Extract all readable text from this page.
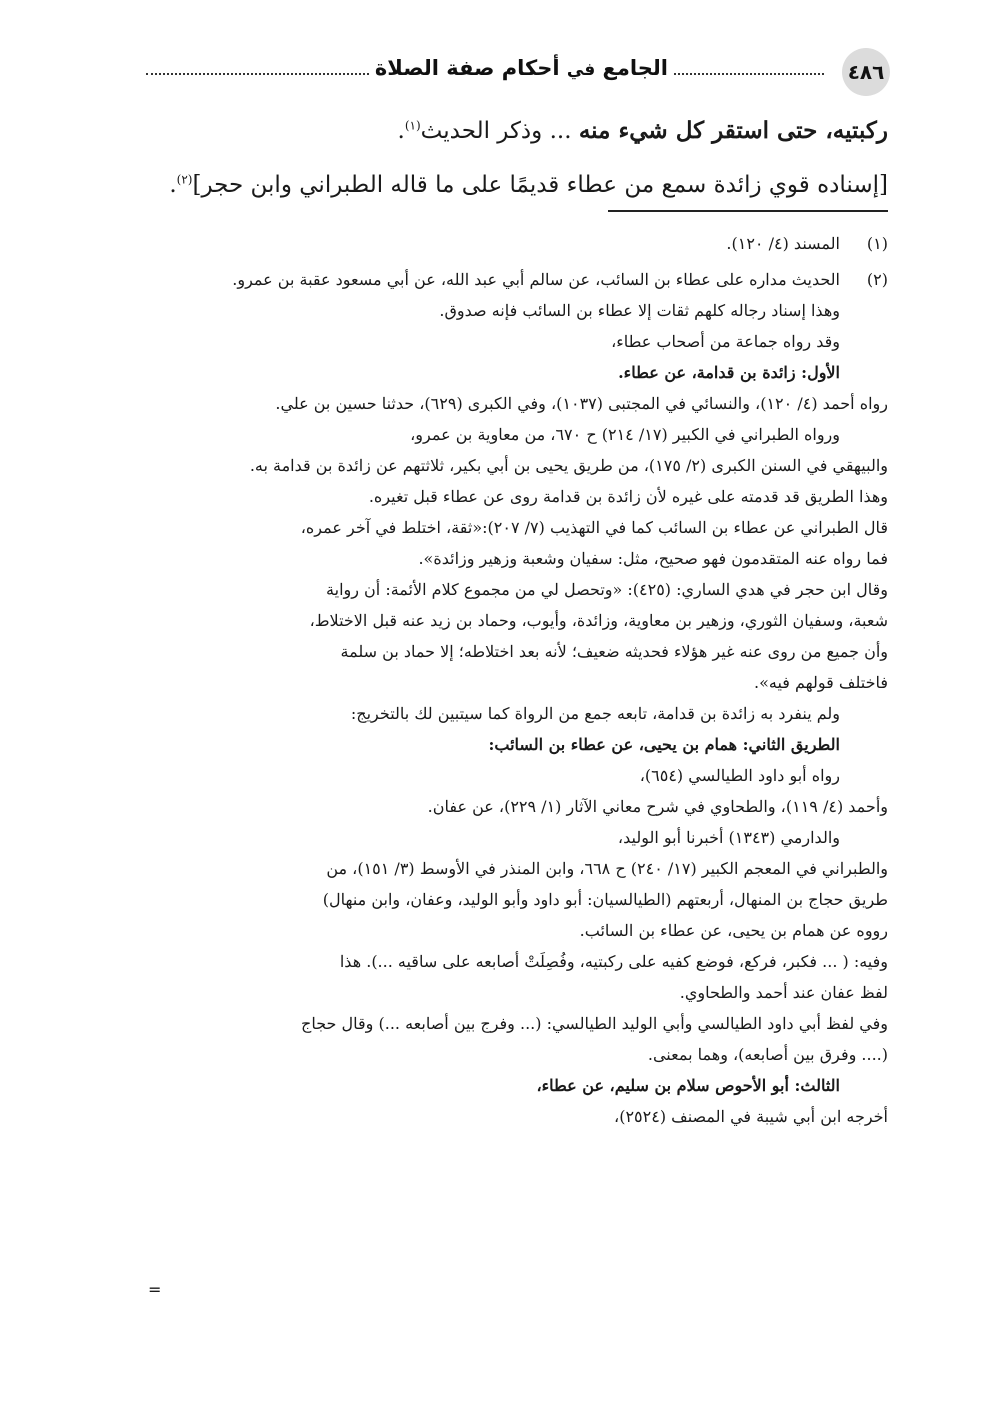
٤٨٦
الجامع في أحكام صفة الصلاة
ركبتيه، حتى استقر كل شيء منه ... وذكر الحديث$^{(١)}$.
[إسناده قوي زائدة سمع من عطاء قديمًا على ما قاله الطبراني وابن حجر]$^{(٢)}$.
(١)المسند (٤/ ١٢٠).
(٢)الحديث مداره على عطاء بن السائب، عن سالم أبي عبد الله، عن أبي مسعود عقبة بن عمرو.
وهذا إسناد رجاله كلهم ثقات إلا عطاء بن السائب فإنه صدوق.
وقد رواه جماعة من أصحاب عطاء،
الأول: زائدة بن قدامة، عن عطاء.
رواه أحمد (٤/ ١٢٠)، والنسائي في المجتبى (١٠٣٧)، وفي الكبرى (٦٢٩)، حدثنا حسين بن علي.
ورواه الطبراني في الكبير (١٧/ ٢١٤) ح ٦٧٠، من معاوية بن عمرو،
والبيهقي في السنن الكبرى (٢/ ١٧٥)، من طريق يحيى بن أبي بكير، ثلاثتهم عن زائدة بن قدامة به.
وهذا الطريق قد قدمته على غيره لأن زائدة بن قدامة روى عن عطاء قبل تغيره.
قال الطبراني عن عطاء بن السائب كما في التهذيب (٧/ ٢٠٧):«ثقة، اختلط في آخر عمره،
فما رواه عنه المتقدمون فهو صحيح، مثل: سفيان وشعبة وزهير وزائدة».
وقال ابن حجر في هدي الساري: (٤٢٥): «وتحصل لي من مجموع كلام الأئمة: أن رواية
شعبة، وسفيان الثوري، وزهير بن معاوية، وزائدة، وأيوب، وحماد بن زيد عنه قبل الاختلاط،
وأن جميع من روى عنه غير هؤلاء فحديثه ضعيف؛ لأنه بعد اختلاطه؛ إلا حماد بن سلمة
فاختلف قولهم فيه».
ولم ينفرد به زائدة بن قدامة، تابعه جمع من الرواة كما سيتبين لك بالتخريج:
الطريق الثاني: همام بن يحيى، عن عطاء بن السائب:
رواه أبو داود الطيالسي (٦٥٤)،
وأحمد (٤/ ١١٩)، والطحاوي في شرح معاني الآثار (١/ ٢٢٩)، عن عفان.
والدارمي (١٣٤٣) أخبرنا أبو الوليد،
والطبراني في المعجم الكبير (١٧/ ٢٤٠) ح ٦٦٨، وابن المنذر في الأوسط (٣/ ١٥١)، من
طريق حجاج بن المنهال، أربعتهم (الطيالسيان: أبو داود وأبو الوليد، وعفان، وابن منهال)
رووه عن همام بن يحيى، عن عطاء بن السائب.
وفيه: ( ... فكبر، فركع، فوضع كفيه على ركبتيه، وفُصِلَتْ أصابعه على ساقيه ...). هذا
لفظ عفان عند أحمد والطحاوي.
وفي لفظ أبي داود الطيالسي وأبي الوليد الطيالسي: (... وفرج بين أصابعه ...) وقال حجاج
(.... وفرق بين أصابعه)، وهما بمعنى.
الثالث: أبو الأحوص سلام بن سليم، عن عطاء،
أخرجه ابن أبي شيبة في المصنف (٢٥٢٤)،
=
